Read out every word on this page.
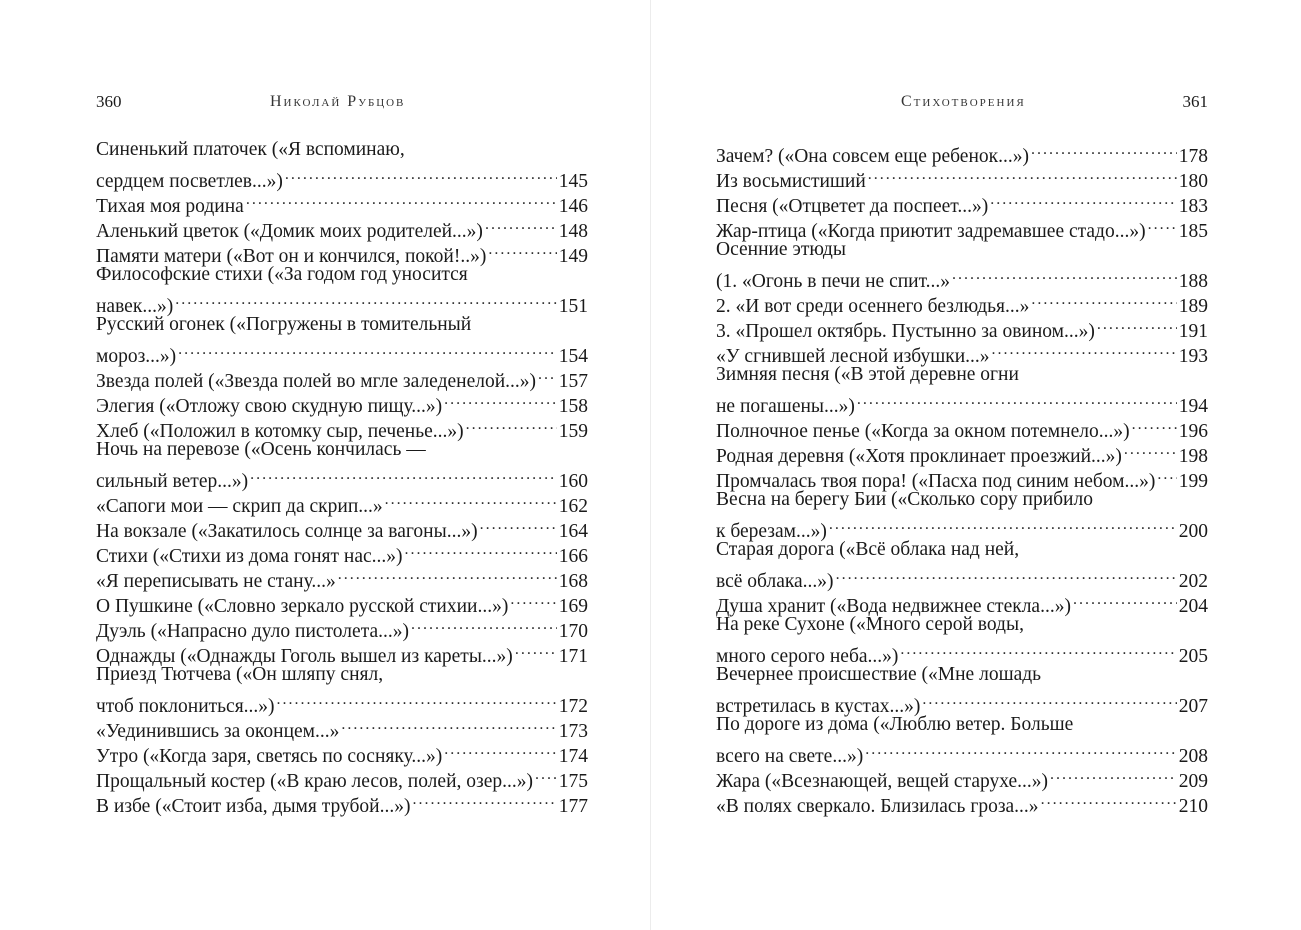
360	Николай Рубцов
Синенький платочек («Я вспоминаю,
сердцем посветлев...») . . .	145
Тихая моя родина . . .	146
Аленький цветок («Домик моих родителей...») . . .	148
Памяти матери («Вот он и кончился, покой!..») . . .	149
Философские стихи («За годом год уносится
навек...») . . .	151
Русский огонек («Погружены в томительный
мороз...») . . .	154
Звезда полей («Звезда полей во мгле заледенелой...») . . . 157
Элегия («Отложу свою скудную пищу...») . . .	158
Хлеб («Положил в котомку сыр, печенье...») . . .	159
Ночь на перевозе («Осень кончилась —
сильный ветер...») . . .	160
«Сапоги мои — скрип да скрип...» . . .	162
На вокзале («Закатилось солнце за вагоны...») . . .	164
Стихи («Стихи из дома гонят нас...») . . .	166
«Я переписывать не стану...» . . .	168
О Пушкине («Словно зеркало русской стихии...») . . .	169
Дуэль («Напрасно дуло пистолета...») . . .	170
Однажды («Однажды Гоголь вышел из кареты...») . . . 171
Приезд Тютчева («Он шляпу снял,
чтоб поклониться...») . . .	172
«Уединившись за оконцем...» . . .	173
Утро («Когда заря, светясь по сосняку...») . . .	174
Прощальный костер («В краю лесов, полей, озер...») . . . 175
В избе («Стоит изба, дымя трубой...») . . .	177
Стихотворения	361
Зачем? («Она совсем еще ребенок...») . . .	178
Из восьмистиший . . .	180
Песня («Отцветет да поспеет...») . . .	183
Жар-птица («Когда приютит задремавшее стадо...») . . . 185
Осенние этюды
(1. «Огонь в печи не спит...» . . .	188
2. «И вот среди осеннего безлюдья...» . . .	189
3. «Прошел октябрь. Пустынно за овином...») . . .	191
«У сгнившей лесной избушки...» . . .	193
Зимняя песня («В этой деревне огни
не погашены...») . . .	194
Полночное пенье («Когда за окном потемнело...») . . .	196
Родная деревня («Хотя проклинает проезжий...») . . .	198
Промчалась твоя пора! («Пасха под синим небом...») . . . 199
Весна на берегу Бии («Сколько сору прибило
к березам...») . . .	200
Старая дорога («Всё облака над ней,
всё облака...») . . .	202
Душа хранит («Вода недвижнее стекла...») . . .	204
На реке Сухоне («Много серой воды,
много серого неба...») . . .	205
Вечернее происшествие («Мне лошадь
встретилась в кустах...») . . .	207
По дороге из дома («Люблю ветер. Больше
всего на свете...») . . .	208
Жара («Всезнающей, вещей старухе...») . . .	209
«В полях сверкало. Близилась гроза...» . . .	210
